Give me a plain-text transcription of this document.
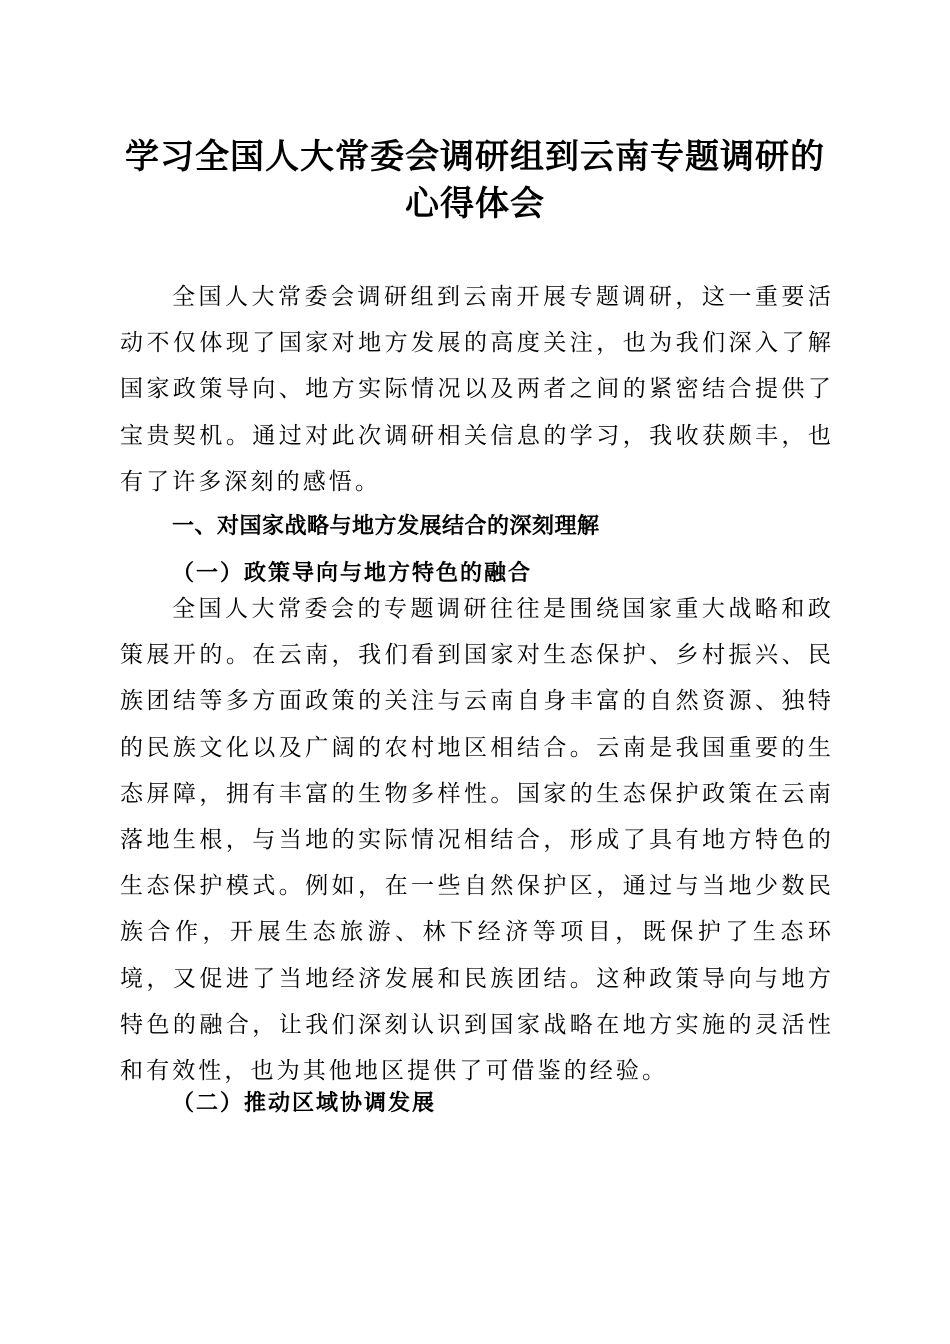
学习全国人大常委会调研组到云南专题调研的
心得体会

全国人大常委会调研组到云南开展专题调研，这一重要活动不仅体现了国家对地方发展的高度关注，也为我们深入了解国家政策导向、地方实际情况以及两者之间的紧密结合提供了宝贵契机。通过对此次调研相关信息的学习，我收获颇丰，也有了许多深刻的感悟。

一、对国家战略与地方发展结合的深刻理解
（一）政策导向与地方特色的融合

全国人大常委会的专题调研往往是围绕国家重大战略和政策展开的。在云南，我们看到国家对生态保护、乡村振兴、民族团结等多方面政策的关注与云南自身丰富的自然资源、独特的民族文化以及广阔的农村地区相结合。云南是我国重要的生态屏障，拥有丰富的生物多样性。国家的生态保护政策在云南落地生根，与当地的实际情况相结合，形成了具有地方特色的生态保护模式。例如，在一些自然保护区，通过与当地少数民族合作，开展生态旅游、林下经济等项目，既保护了生态环境，又促进了当地经济发展和民族团结。这种政策导向与地方特色的融合，让我们深刻认识到国家战略在地方实施的灵活性和有效性，也为其他地区提供了可借鉴的经验。

（二）推动区域协调发展
